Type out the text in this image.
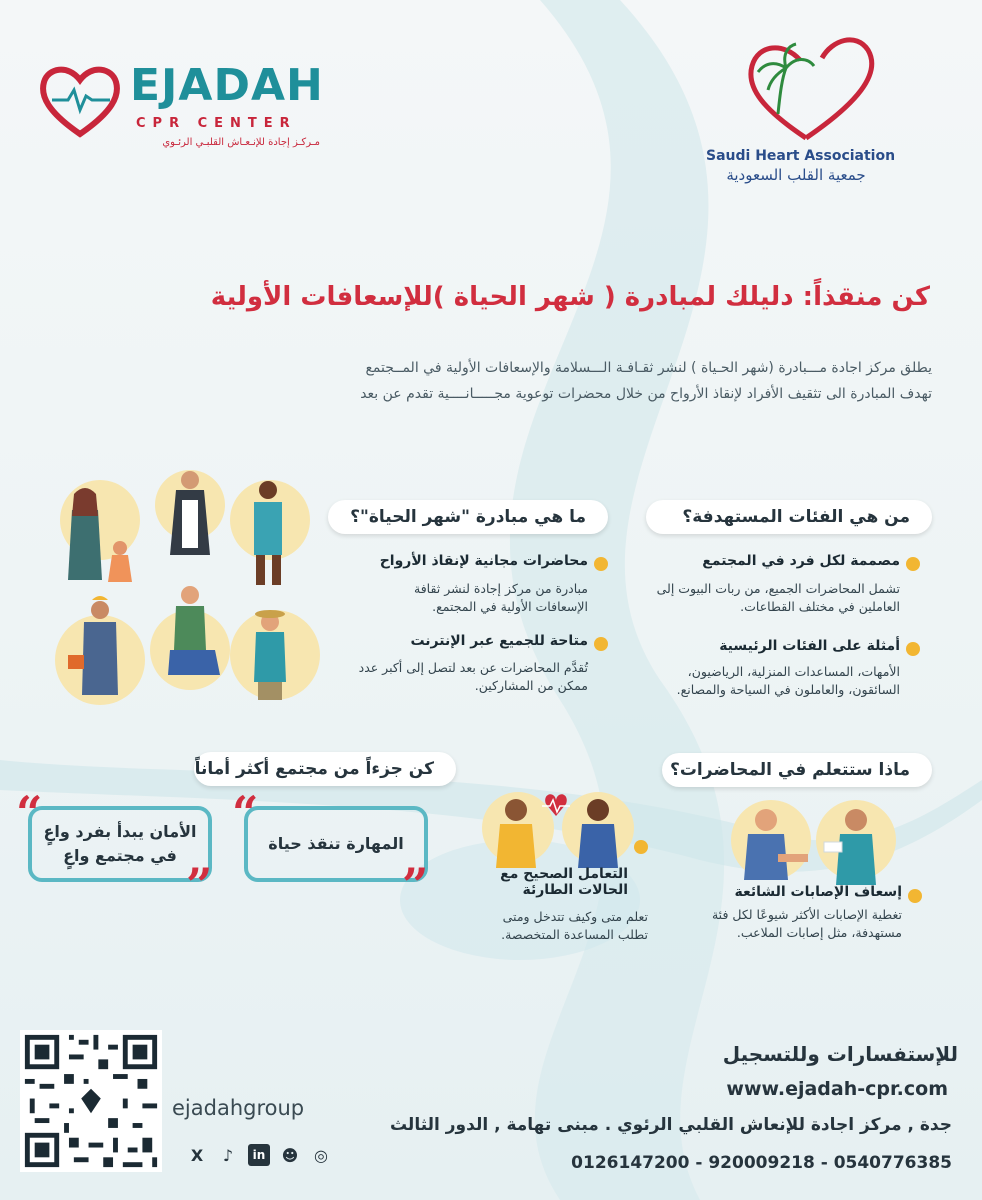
EJADAH
CPR CENTER
مـركـز إجادة للإنـعـاش القلبـي الرئـوي
Saudi Heart Association
جمعية القلب السعودية
كن منقذاً: دليلك لمبادرة ( شهر الحياة )للإسعافات الأولية
يطلق مركز اجادة مـــبادرة (شهر الحـياة ) لنشر ثقـافـة الـــسلامة والإسعافات الأولية في المــجتمع
تهدف المبادرة الى تثقيف الأفراد لإنقاذ الأرواح من خلال محضرات توعوية مجـــــانــــية تقدم عن بعد
من هي الفئات المستهدفة؟
مصممة لكل فرد في المجتمع
تشمل المحاضرات الجميع، من ربات البيوت إلى العاملين في مختلف القطاعات.
أمثلة على الفئات الرئيسية
الأمهات، المساعدات المنزلية، الرياضيون، السائقون، والعاملون في السياحة والمصانع.
ما هي مبادرة "شهر الحياة"؟
محاضرات مجانية لإنقاذ الأرواح
مبادرة من مركز إجادة لنشر ثقافة الإسعافات الأولية في المجتمع.
متاحة للجميع عبر الإنترنت
تُقدَّم المحاضرات عن بعد لتصل إلى أكبر عدد ممكن من المشاركين.
ماذا ستتعلم في المحاضرات؟
إسعاف الإصابات الشائعة
تغطية الإصابات الأكثر شيوعًا لكل فئة مستهدفة، مثل إصابات الملاعب.
التعامل الصحيح مع الحالات الطارئة
تعلم متى وكيف تتدخل ومتى تطلب المساعدة المتخصصة.
كن جزءاً من مجتمع أكثر أماناً
“
”
المهارة تنقذ حياة
“
”
الأمان يبدأ بفرد واعٍ
في مجتمع واعٍ
للإستفسارات وللتسجيل
www.ejadah-cpr.com
جدة , مركز اجادة للإنعاش القلبي الرئوي . مبنى تهامة , الدور الثالث
0126147200 - 920009218 - 0540776385
ejadahgroup
X	♪	in ☻ ◎
